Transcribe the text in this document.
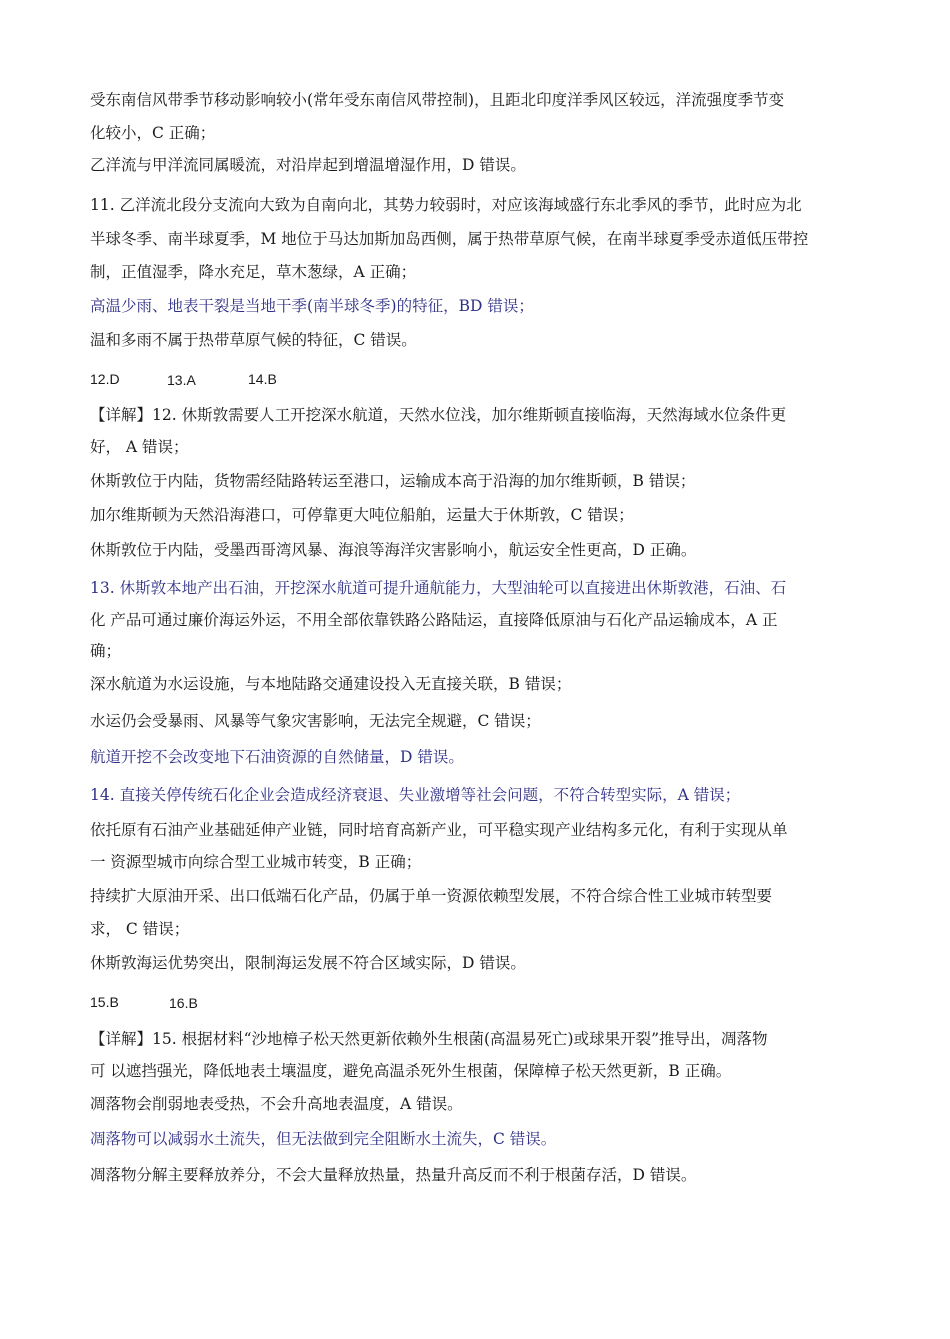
受东南信风带季节移动影响较小(常年受东南信风带控制)，且距北印度洋季风区较远，洋流强度季节变
化较小，C 正确；
乙洋流与甲洋流同属暖流，对沿岸起到增温增湿作用，D 错误。
11. 乙洋流北段分支流向大致为自南向北，其势力较弱时，对应该海域盛行东北季风的季节，此时应为北
半球冬季、南半球夏季，M 地位于马达加斯加岛西侧，属于热带草原气候，在南半球夏季受赤道低压带控
制，正值湿季，降水充足，草木葱绿，A 正确；
高温少雨、地表干裂是当地干季(南半球冬季)的特征，BD 错误；
温和多雨不属于热带草原气候的特征，C 错误。
12.D	13.A	14.B
【详解】12. 休斯敦需要人工开挖深水航道，天然水位浅，加尔维斯顿直接临海，天然海域水位条件更
好， A 错误；
休斯敦位于内陆，货物需经陆路转运至港口，运输成本高于沿海的加尔维斯顿，B 错误；
加尔维斯顿为天然沿海港口，可停靠更大吨位船舶，运量大于休斯敦，C 错误；
休斯敦位于内陆，受墨西哥湾风暴、海浪等海洋灾害影响小，航运安全性更高，D 正确。
13. 休斯敦本地产出石油，开挖深水航道可提升通航能力，大型油轮可以直接进出休斯敦港，石油、石
化 产品可通过廉价海运外运，不用全部依靠铁路公路陆运，直接降低原油与石化产品运输成本，A 正
确；
深水航道为水运设施，与本地陆路交通建设投入无直接关联，B 错误；
水运仍会受暴雨、风暴等气象灾害影响，无法完全规避，C 错误；
航道开挖不会改变地下石油资源的自然储量，D 错误。
14. 直接关停传统石化企业会造成经济衰退、失业激增等社会问题，不符合转型实际，A 错误；
依托原有石油产业基础延伸产业链，同时培育高新产业，可平稳实现产业结构多元化，有利于实现从单
一 资源型城市向综合型工业城市转变，B 正确；
持续扩大原油开采、出口低端石化产品，仍属于单一资源依赖型发展，不符合综合性工业城市转型要
求， C 错误；
休斯敦海运优势突出，限制海运发展不符合区域实际，D 错误。
15.B	16.B
【详解】15. 根据材料“沙地樟子松天然更新依赖外生根菌(高温易死亡)或球果开裂”推导出，凋落物
可 以遮挡强光，降低地表土壤温度，避免高温杀死外生根菌，保障樟子松天然更新，B 正确。
凋落物会削弱地表受热，不会升高地表温度，A 错误。
凋落物可以减弱水土流失，但无法做到完全阻断水土流失，C 错误。
凋落物分解主要释放养分，不会大量释放热量，热量升高反而不利于根菌存活，D 错误。
